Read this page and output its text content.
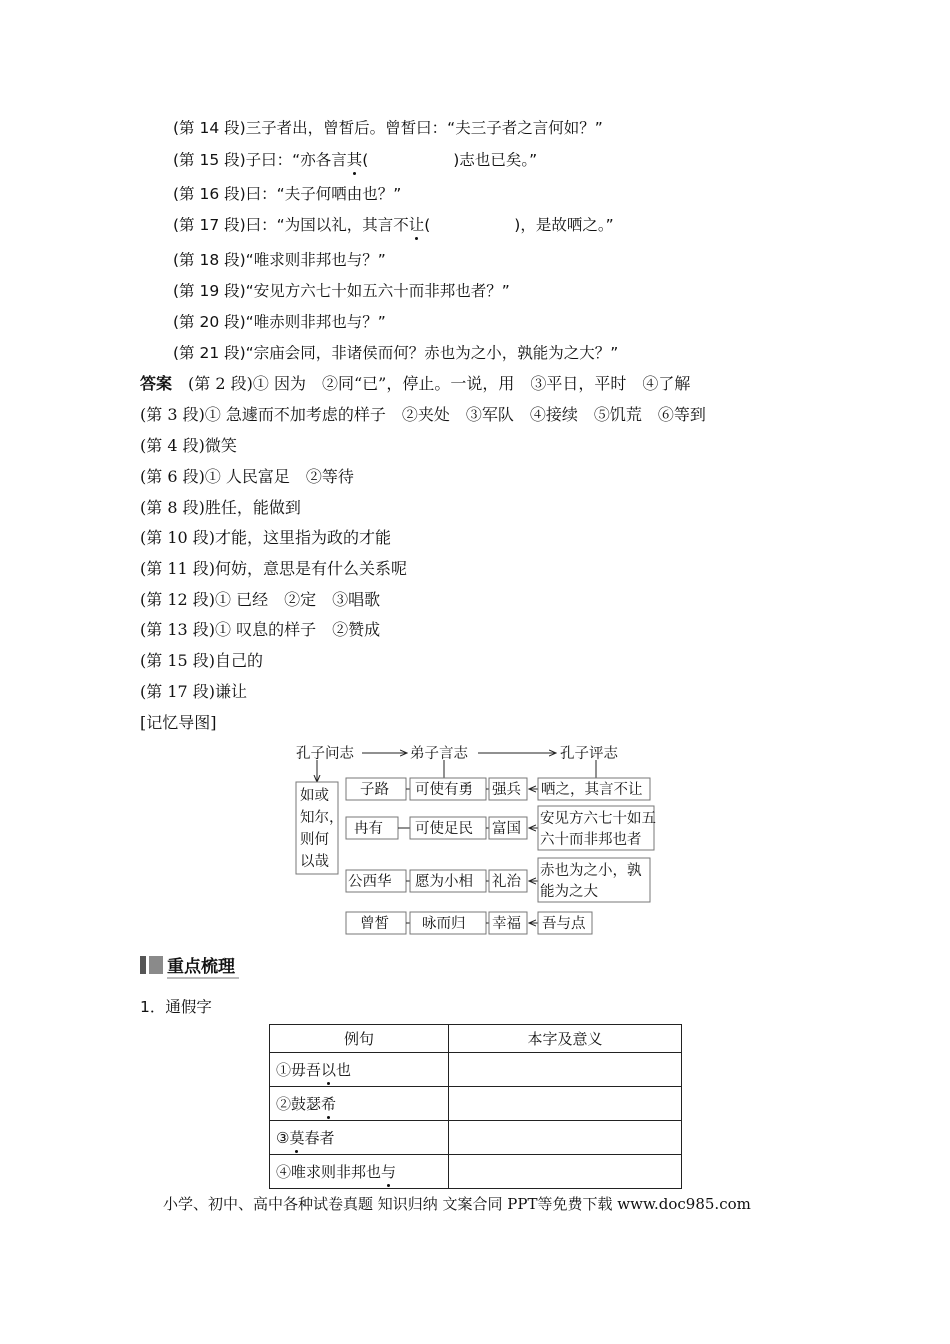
(第 14 段)三子者出，曾皙后。曾皙曰：“夫三子者之言何如？”
(第 15 段)子曰：“亦各言其(	)志也已矣。”
(第 16 段)曰：“夫子何哂由也？”
(第 17 段)曰：“为国以礼，其言不让(	)，是故哂之。”
(第 18 段)“唯求则非邦也与？”
(第 19 段)“安见方六七十如五六十而非邦也者？”
(第 20 段)“唯赤则非邦也与？”
(第 21 段)“宗庙会同，非诸侯而何？赤也为之小，孰能为之大？”
答案　 (第 2 段)① 因为　②同“已”，停止。一说，用　③平日，平时　④了解
(第 3 段)① 急遽而不加考虑的样子　②夹处　③军队　④接续　⑤饥荒　⑥等到
(第 4 段)微笑
(第 6 段)① 人民富足　②等待
(第 8 段)胜任，能做到
(第 10 段)才能，这里指为政的才能
(第 11 段)何妨，意思是有什么关系呢
(第 12 段)① 已经　②定　③唱歌
(第 13 段)① 叹息的样子　②赞成
(第 15 段)自己的
(第 17 段)谦让
[记忆导图]
孔子问志	弟子言志	孔子评志
如或
知尔，
则何
以哉
子路 可使有勇 强兵 哂之，其言不让
冉有 可使足民 富国
安见方六七十如五
六十而非邦也者
公西华 愿为小相 礼治
赤也为之小，孰
能为之大
曾皙 咏而归 幸福 吾与点
重点梳理
1．通假字
例句	本字及意义
①毋吾以也	
②鼓瑟希	
③莫春者	
④唯求则非邦也与	
小学、初中、高中各种试卷真题 知识归纳 文案合同 PPT等免费下载 www.doc985.com
